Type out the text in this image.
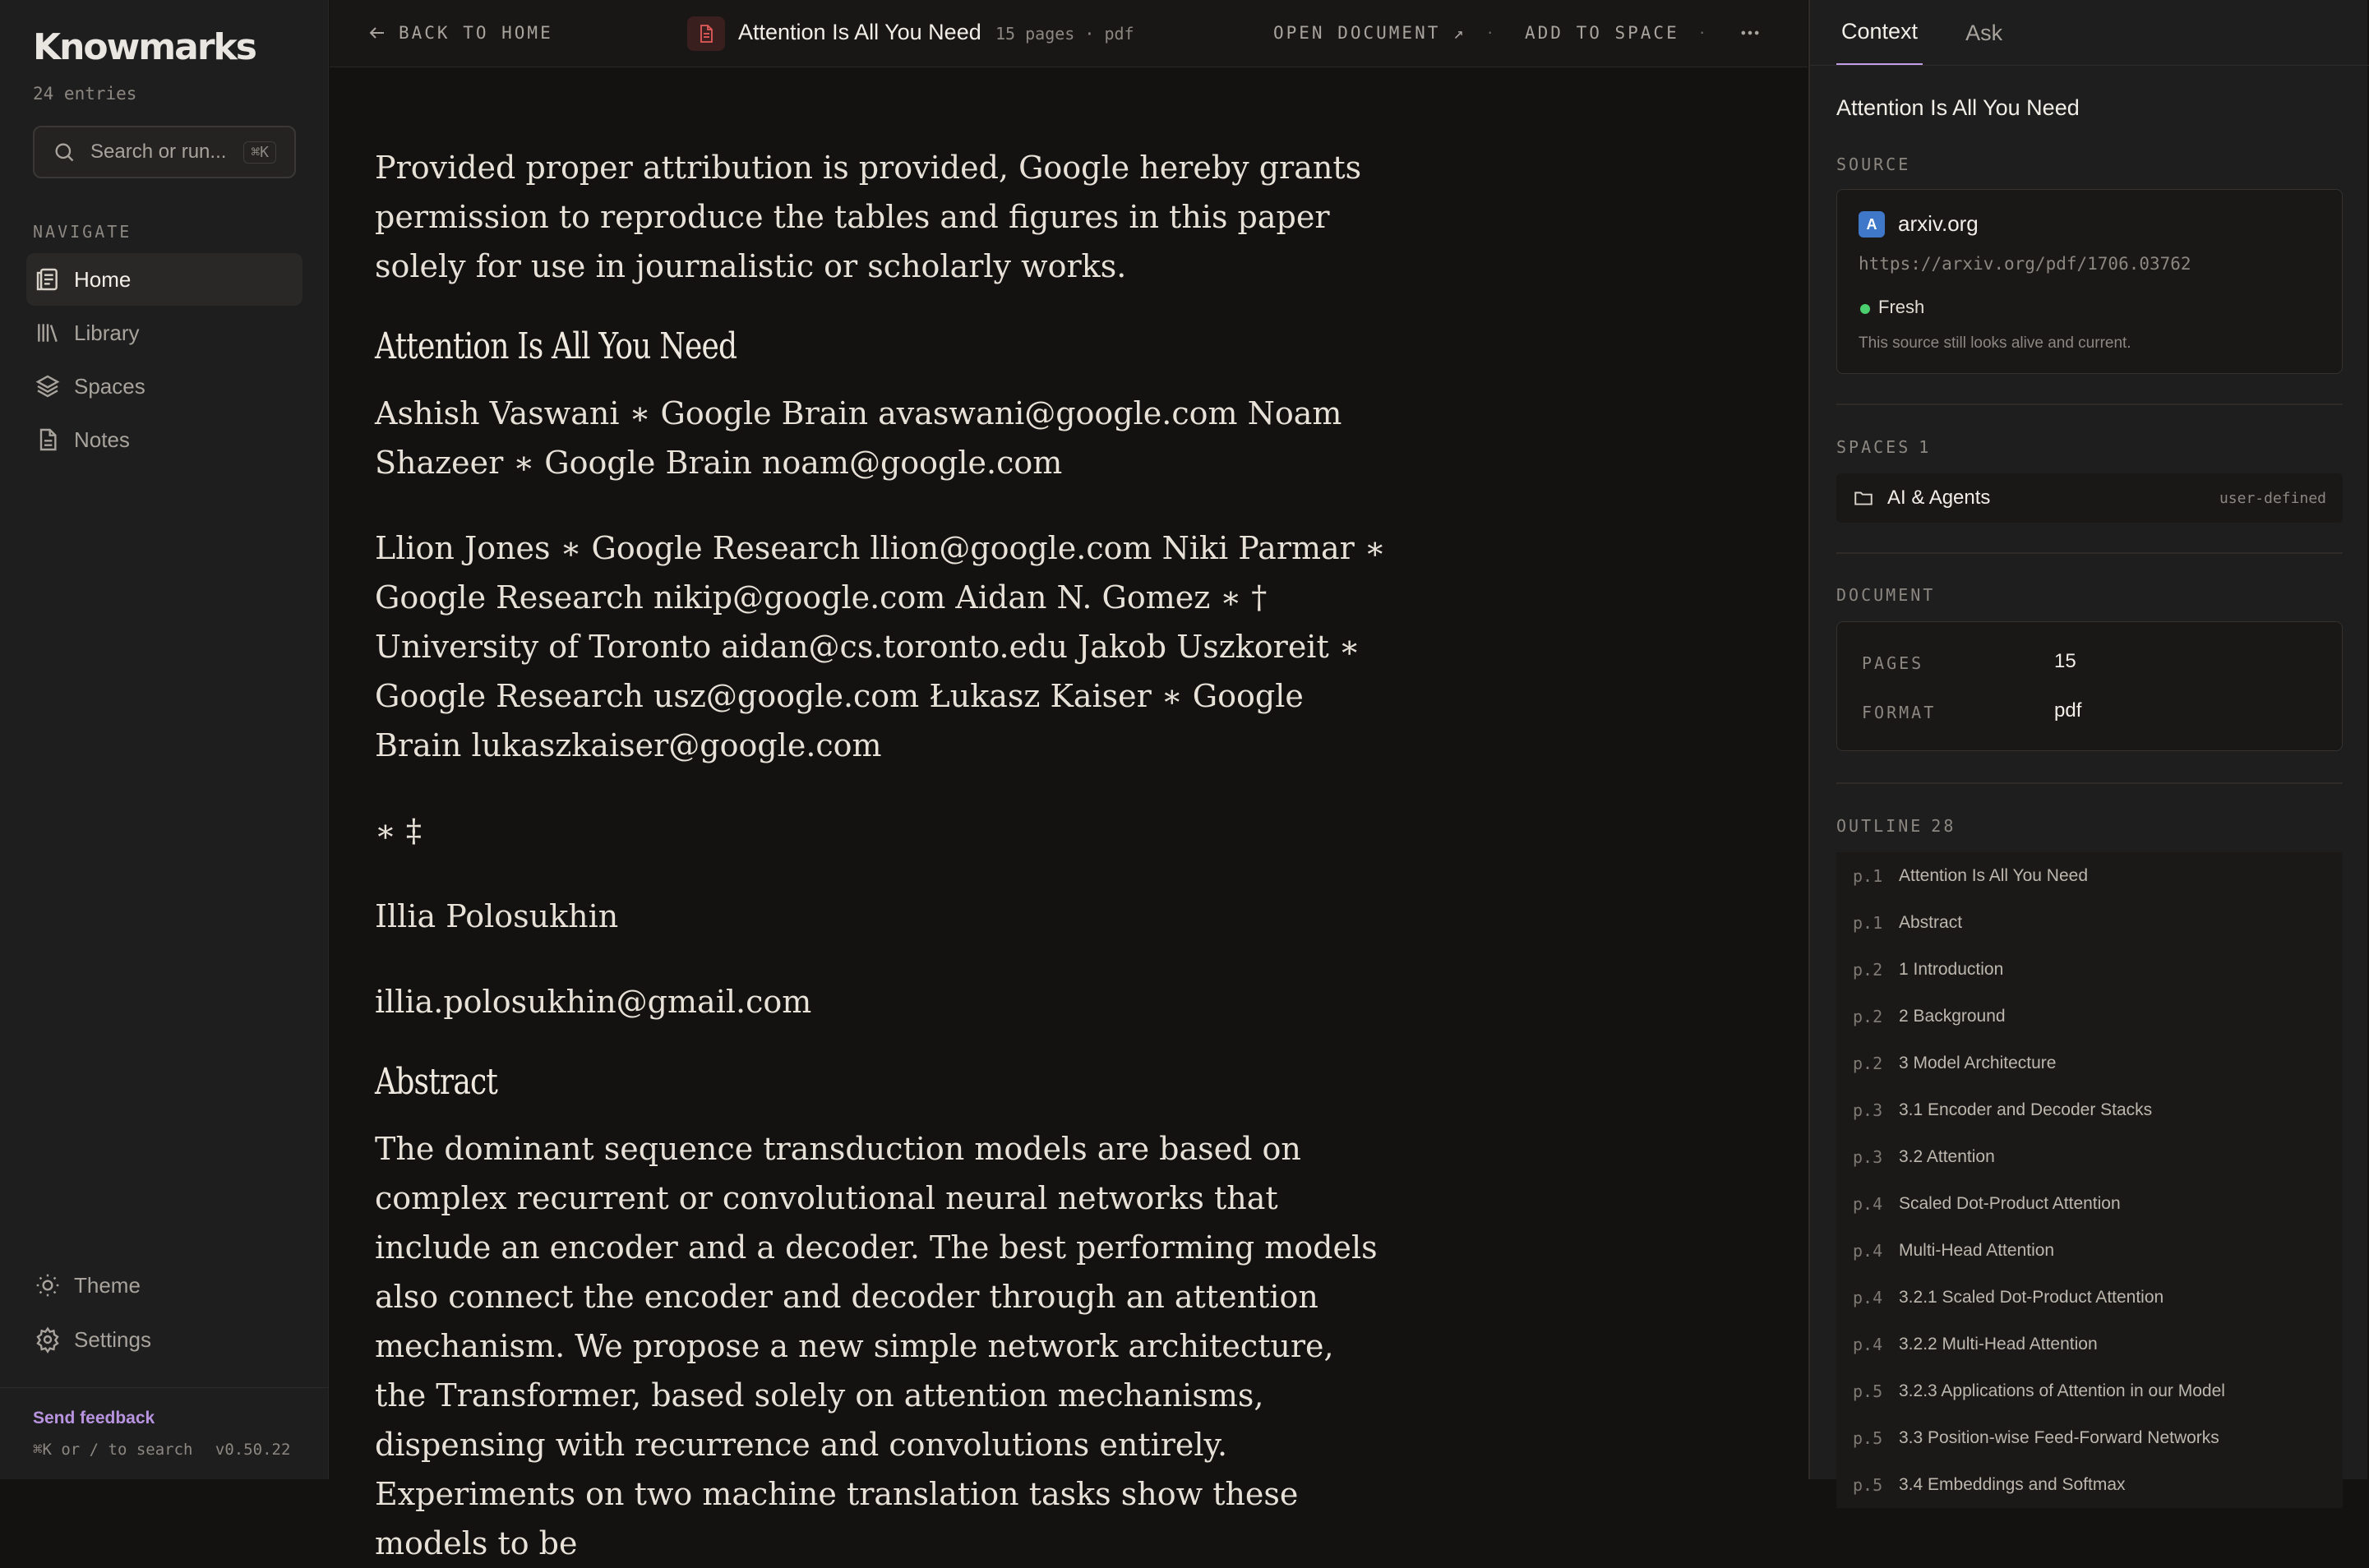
Knowmarks
24 entries
Search or run...	⌘K
NAVIGATE
Home
Library
Spaces
Notes
Theme
Settings
Send feedback
⌘K or / to search v0.50.22
BACK TO HOME	Attention Is All You Need 15 pages · pdf	OPEN DOCUMENT ↗ · ADD TO SPACE ·
Provided proper attribution is provided, Google hereby grants permission to reproduce the tables and figures in this paper solely for use in journalistic or scholarly works.
Attention Is All You Need
Ashish Vaswani ∗ Google Brain avaswani@google.com Noam Shazeer ∗ Google Brain noam@google.com
Llion Jones ∗ Google Research llion@google.com Niki Parmar ∗ Google Research nikip@google.com Aidan N. Gomez ∗ † University of Toronto aidan@cs.toronto.edu Jakob Uszkoreit ∗ Google Research usz@google.com Łukasz Kaiser ∗ Google Brain lukaszkaiser@google.com
∗ ‡
Illia Polosukhin
illia.polosukhin@gmail.com
Abstract
The dominant sequence transduction models are based on complex recurrent or convolutional neural networks that include an encoder and a decoder. The best performing models also connect the encoder and decoder through an attention mechanism. We propose a new simple network architecture, the Transformer, based solely on attention mechanisms, dispensing with recurrence and convolutions entirely. Experiments on two machine translation tasks show these models to be
Context Ask
Attention Is All You Need
SOURCE
A arxiv.org
https://arxiv.org/pdf/1706.03762
Fresh
This source still looks alive and current.
SPACES 1
AI & Agents	user-defined
DOCUMENT
PAGES	15
FORMAT	pdf
OUTLINE 28
p.1 Attention Is All You Need
p.1 Abstract
p.2 1 Introduction
p.2 2 Background
p.2 3 Model Architecture
p.3 3.1 Encoder and Decoder Stacks
p.3 3.2 Attention
p.4 Scaled Dot-Product Attention
p.4 Multi-Head Attention
p.4 3.2.1 Scaled Dot-Product Attention
p.4 3.2.2 Multi-Head Attention
p.5 3.2.3 Applications of Attention in our Model
p.5 3.3 Position-wise Feed-Forward Networks
p.5 3.4 Embeddings and Softmax
